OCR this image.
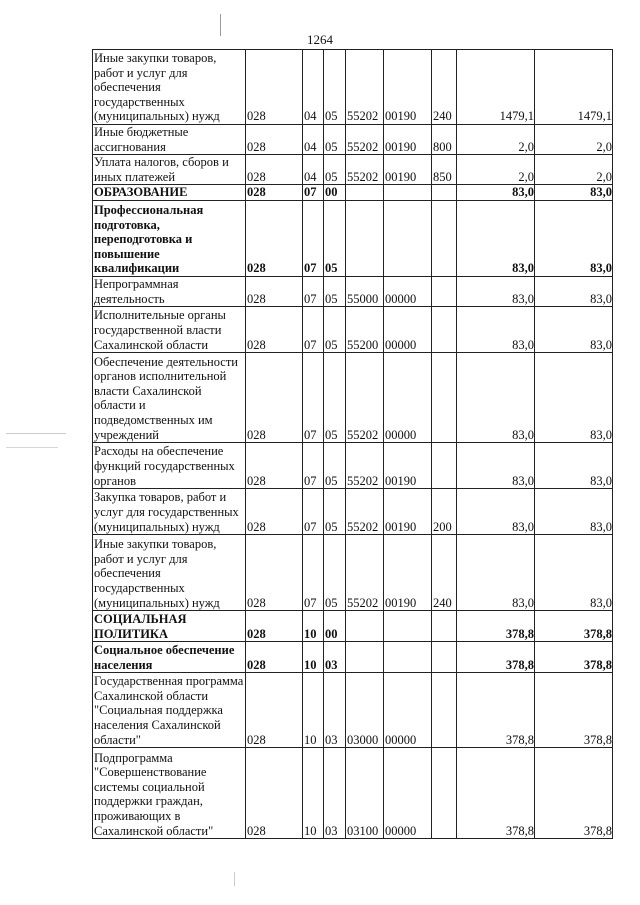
1264
Иные закупки товаров, работ и услуг для обеспечения государственных (муниципальных) нужд	028	04	05	55202	00190	240	1479,1	1479,1
Иные бюджетные ассигнования	028	04	05	55202	00190	800	2,0	2,0
Уплата налогов, сборов и иных платежей	028	04	05	55202	00190	850	2,0	2,0
ОБРАЗОВАНИЕ	028	07	00				83,0	83,0
Профессиональная подготовка, переподготовка и повышение квалификации	028	07	05				83,0	83,0
Непрограммная деятельность	028	07	05	55000	00000		83,0	83,0
Исполнительные органы государственной власти Сахалинской области	028	07	05	55200	00000		83,0	83,0
Обеспечение деятельности органов исполнительной власти Сахалинской области и подведомственных им учреждений	028	07	05	55202	00000		83,0	83,0
Расходы на обеспечение функций государственных органов	028	07	05	55202	00190		83,0	83,0
Закупка товаров, работ и услуг для государственных (муниципальных) нужд	028	07	05	55202	00190	200	83,0	83,0
Иные закупки товаров, работ и услуг для обеспечения государственных (муниципальных) нужд	028	07	05	55202	00190	240	83,0	83,0
СОЦИАЛЬНАЯ ПОЛИТИКА	028	10	00				378,8	378,8
Социальное обеспечение населения	028	10	03				378,8	378,8
Государственная программа Сахалинской области "Социальная поддержка населения Сахалинской области"	028	10	03	03000	00000		378,8	378,8
Подпрограмма "Совершенствование системы социальной поддержки граждан, проживающих в Сахалинской области"	028	10	03	03100	00000		378,8	378,8
